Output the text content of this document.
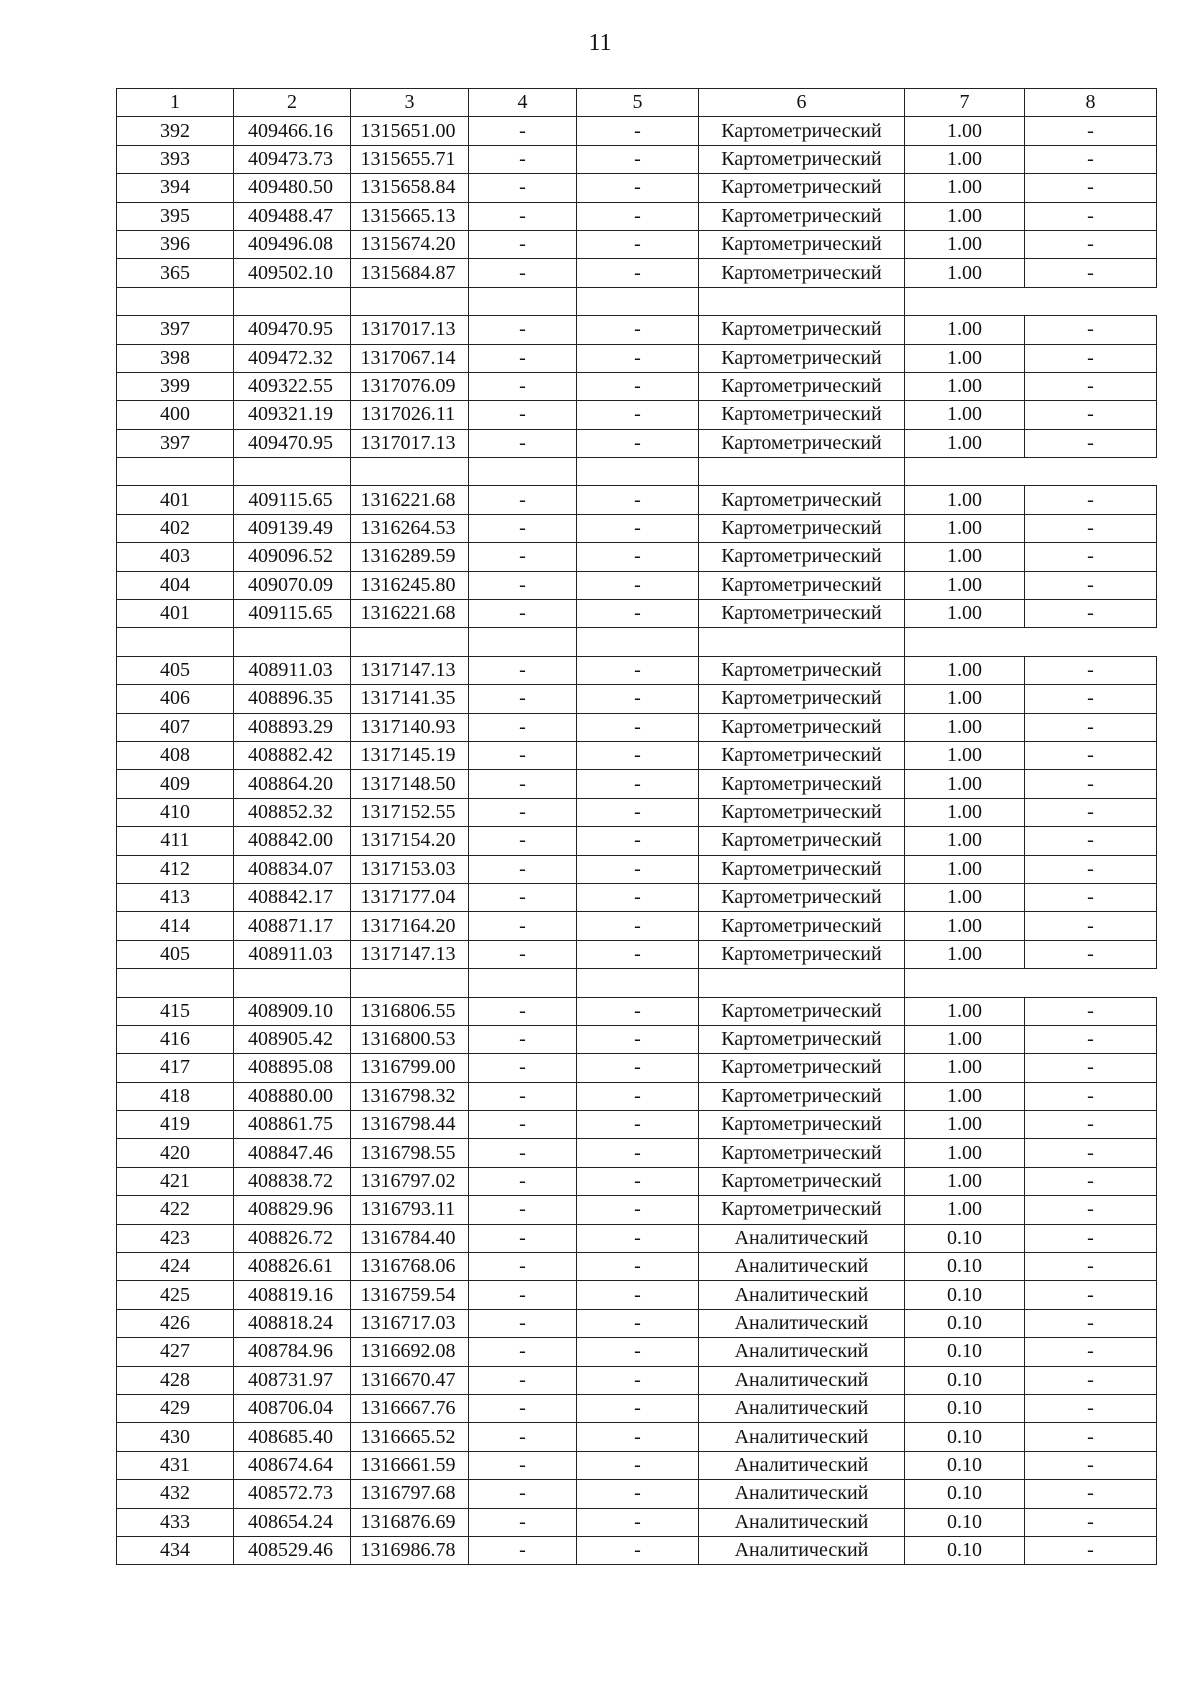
11
1	2	3	4	5	6	7	8
392	409466.16	1315651.00	-	-	Картометрический	1.00	-
393	409473.73	1315655.71	-	-	Картометрический	1.00	-
394	409480.50	1315658.84	-	-	Картометрический	1.00	-
395	409488.47	1315665.13	-	-	Картометрический	1.00	-
396	409496.08	1315674.20	-	-	Картометрический	1.00	-
365	409502.10	1315684.87	-	-	Картометрический	1.00	-

397	409470.95	1317017.13	-	-	Картометрический	1.00	-
398	409472.32	1317067.14	-	-	Картометрический	1.00	-
399	409322.55	1317076.09	-	-	Картометрический	1.00	-
400	409321.19	1317026.11	-	-	Картометрический	1.00	-
397	409470.95	1317017.13	-	-	Картометрический	1.00	-

401	409115.65	1316221.68	-	-	Картометрический	1.00	-
402	409139.49	1316264.53	-	-	Картометрический	1.00	-
403	409096.52	1316289.59	-	-	Картометрический	1.00	-
404	409070.09	1316245.80	-	-	Картометрический	1.00	-
401	409115.65	1316221.68	-	-	Картометрический	1.00	-

405	408911.03	1317147.13	-	-	Картометрический	1.00	-
406	408896.35	1317141.35	-	-	Картометрический	1.00	-
407	408893.29	1317140.93	-	-	Картометрический	1.00	-
408	408882.42	1317145.19	-	-	Картометрический	1.00	-
409	408864.20	1317148.50	-	-	Картометрический	1.00	-
410	408852.32	1317152.55	-	-	Картометрический	1.00	-
411	408842.00	1317154.20	-	-	Картометрический	1.00	-
412	408834.07	1317153.03	-	-	Картометрический	1.00	-
413	408842.17	1317177.04	-	-	Картометрический	1.00	-
414	408871.17	1317164.20	-	-	Картометрический	1.00	-
405	408911.03	1317147.13	-	-	Картометрический	1.00	-

415	408909.10	1316806.55	-	-	Картометрический	1.00	-
416	408905.42	1316800.53	-	-	Картометрический	1.00	-
417	408895.08	1316799.00	-	-	Картометрический	1.00	-
418	408880.00	1316798.32	-	-	Картометрический	1.00	-
419	408861.75	1316798.44	-	-	Картометрический	1.00	-
420	408847.46	1316798.55	-	-	Картометрический	1.00	-
421	408838.72	1316797.02	-	-	Картометрический	1.00	-
422	408829.96	1316793.11	-	-	Картометрический	1.00	-
423	408826.72	1316784.40	-	-	Аналитический	0.10	-
424	408826.61	1316768.06	-	-	Аналитический	0.10	-
425	408819.16	1316759.54	-	-	Аналитический	0.10	-
426	408818.24	1316717.03	-	-	Аналитический	0.10	-
427	408784.96	1316692.08	-	-	Аналитический	0.10	-
428	408731.97	1316670.47	-	-	Аналитический	0.10	-
429	408706.04	1316667.76	-	-	Аналитический	0.10	-
430	408685.40	1316665.52	-	-	Аналитический	0.10	-
431	408674.64	1316661.59	-	-	Аналитический	0.10	-
432	408572.73	1316797.68	-	-	Аналитический	0.10	-
433	408654.24	1316876.69	-	-	Аналитический	0.10	-
434	408529.46	1316986.78	-	-	Аналитический	0.10	-
